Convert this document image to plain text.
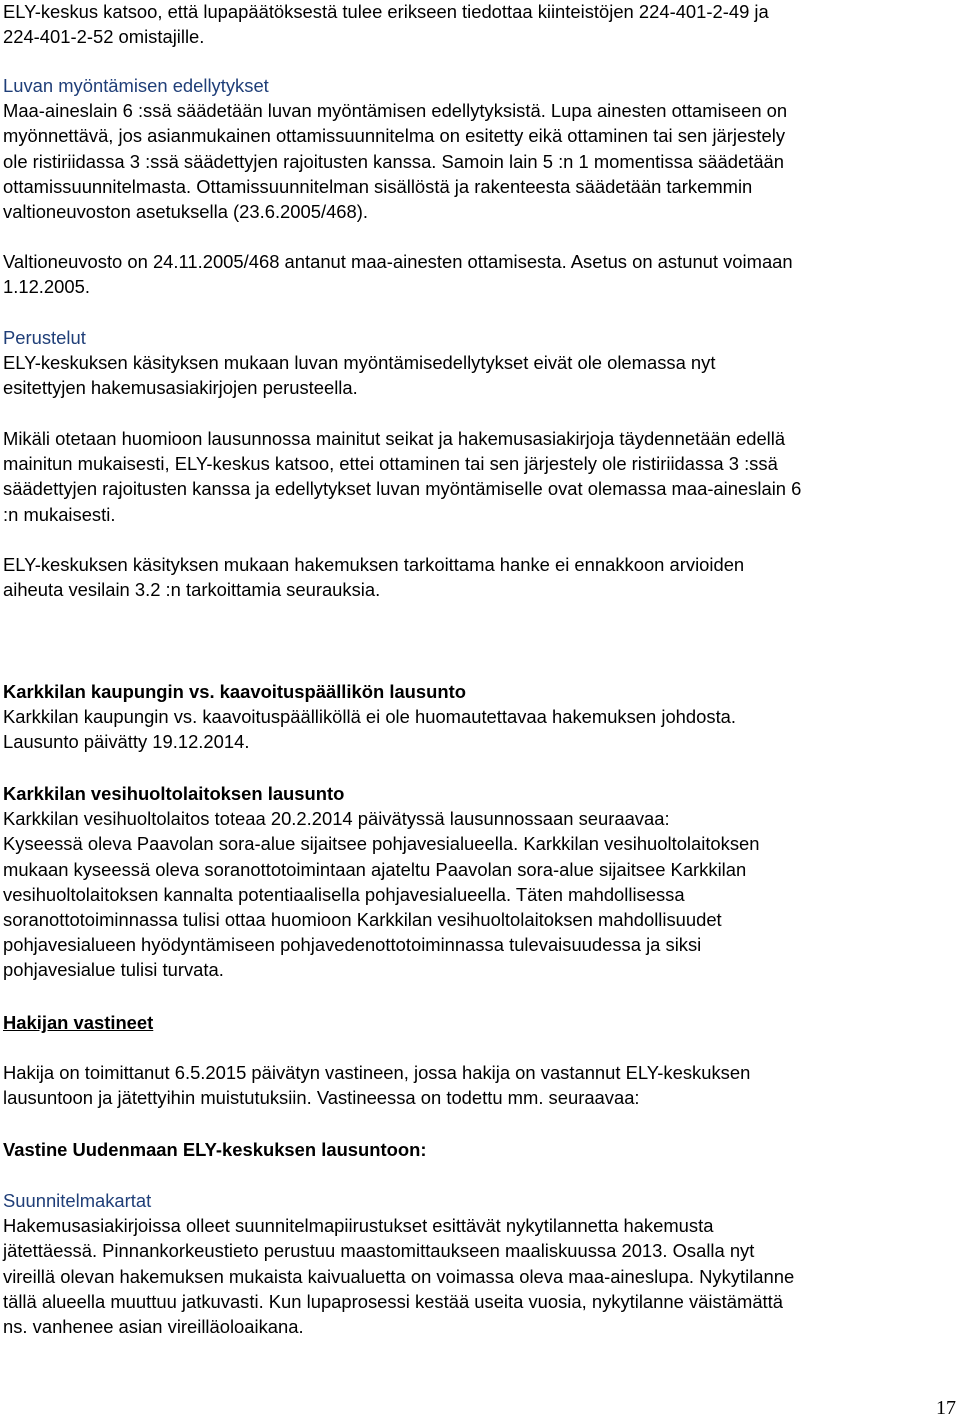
ELY-keskus katsoo, että lupapäätöksestä tulee erikseen tiedottaa kiinteistöjen 224-401-2-49 ja
224-401-2-52 omistajille.
Luvan myöntämisen edellytykset
Maa-aineslain 6 :ssä säädetään luvan myöntämisen edellytyksistä. Lupa ainesten ottamiseen on
myönnettävä, jos asianmukainen ottamissuunnitelma on esitetty eikä ottaminen tai sen järjestely
ole ristiriidassa 3 :ssä säädettyjen rajoitusten kanssa. Samoin lain 5 :n 1 momentissa säädetään
ottamissuunnitelmasta. Ottamissuunnitelman sisällöstä ja rakenteesta säädetään tarkemmin
valtioneuvoston asetuksella (23.6.2005/468).
Valtioneuvosto on 24.11.2005/468 antanut maa-ainesten ottamisesta. Asetus on astunut voimaan
1.12.2005.
Perustelut
ELY-keskuksen käsityksen mukaan luvan myöntämisedellytykset eivät ole olemassa nyt
esitettyjen hakemusasiakirjojen perusteella.
Mikäli otetaan huomioon lausunnossa mainitut seikat ja hakemusasiakirjoja täydennetään edellä
mainitun mukaisesti, ELY-keskus katsoo, ettei ottaminen tai sen järjestely ole ristiriidassa 3 :ssä
säädettyjen rajoitusten kanssa ja edellytykset luvan myöntämiselle ovat olemassa maa-aineslain 6
:n mukaisesti.
ELY-keskuksen käsityksen mukaan hakemuksen tarkoittama hanke ei ennakkoon arvioiden
aiheuta vesilain 3.2 :n tarkoittamia seurauksia.
Karkkilan kaupungin vs. kaavoituspäällikön lausunto
Karkkilan kaupungin vs. kaavoituspäälliköllä ei ole huomautettavaa hakemuksen johdosta.
Lausunto päivätty 19.12.2014.
Karkkilan vesihuoltolaitoksen lausunto
Karkkilan vesihuoltolaitos toteaa 20.2.2014 päivätyssä lausunnossaan seuraavaa:
Kyseessä oleva Paavolan sora-alue sijaitsee pohjavesialueella. Karkkilan vesihuoltolaitoksen
mukaan kyseessä oleva soranottotoimintaan ajateltu Paavolan sora-alue sijaitsee Karkkilan
vesihuoltolaitoksen kannalta potentiaalisella pohjavesialueella. Täten mahdollisessa
soranottotoiminnassa tulisi ottaa huomioon Karkkilan vesihuoltolaitoksen mahdollisuudet
pohjavesialueen hyödyntämiseen pohjavedenottotoiminnassa tulevaisuudessa ja siksi
pohjavesialue tulisi turvata.
Hakijan vastineet
Hakija on toimittanut 6.5.2015 päivätyn vastineen, jossa hakija on vastannut ELY-keskuksen
lausuntoon ja jätettyihin muistutuksiin. Vastineessa on todettu mm. seuraavaa:
Vastine Uudenmaan ELY-keskuksen lausuntoon:
Suunnitelmakartat
Hakemusasiakirjoissa olleet suunnitelmapiirustukset esittävät nykytilannetta hakemusta
jätettäessä. Pinnankorkeustieto perustuu maastomittaukseen maaliskuussa 2013. Osalla nyt
vireillä olevan hakemuksen mukaista kaivualuetta on voimassa oleva maa-aineslupa. Nykytilanne
tällä alueella muuttuu jatkuvasti. Kun lupaprosessi kestää useita vuosia, nykytilanne väistämättä
ns. vanhenee asian vireilläoloaikana.
17
